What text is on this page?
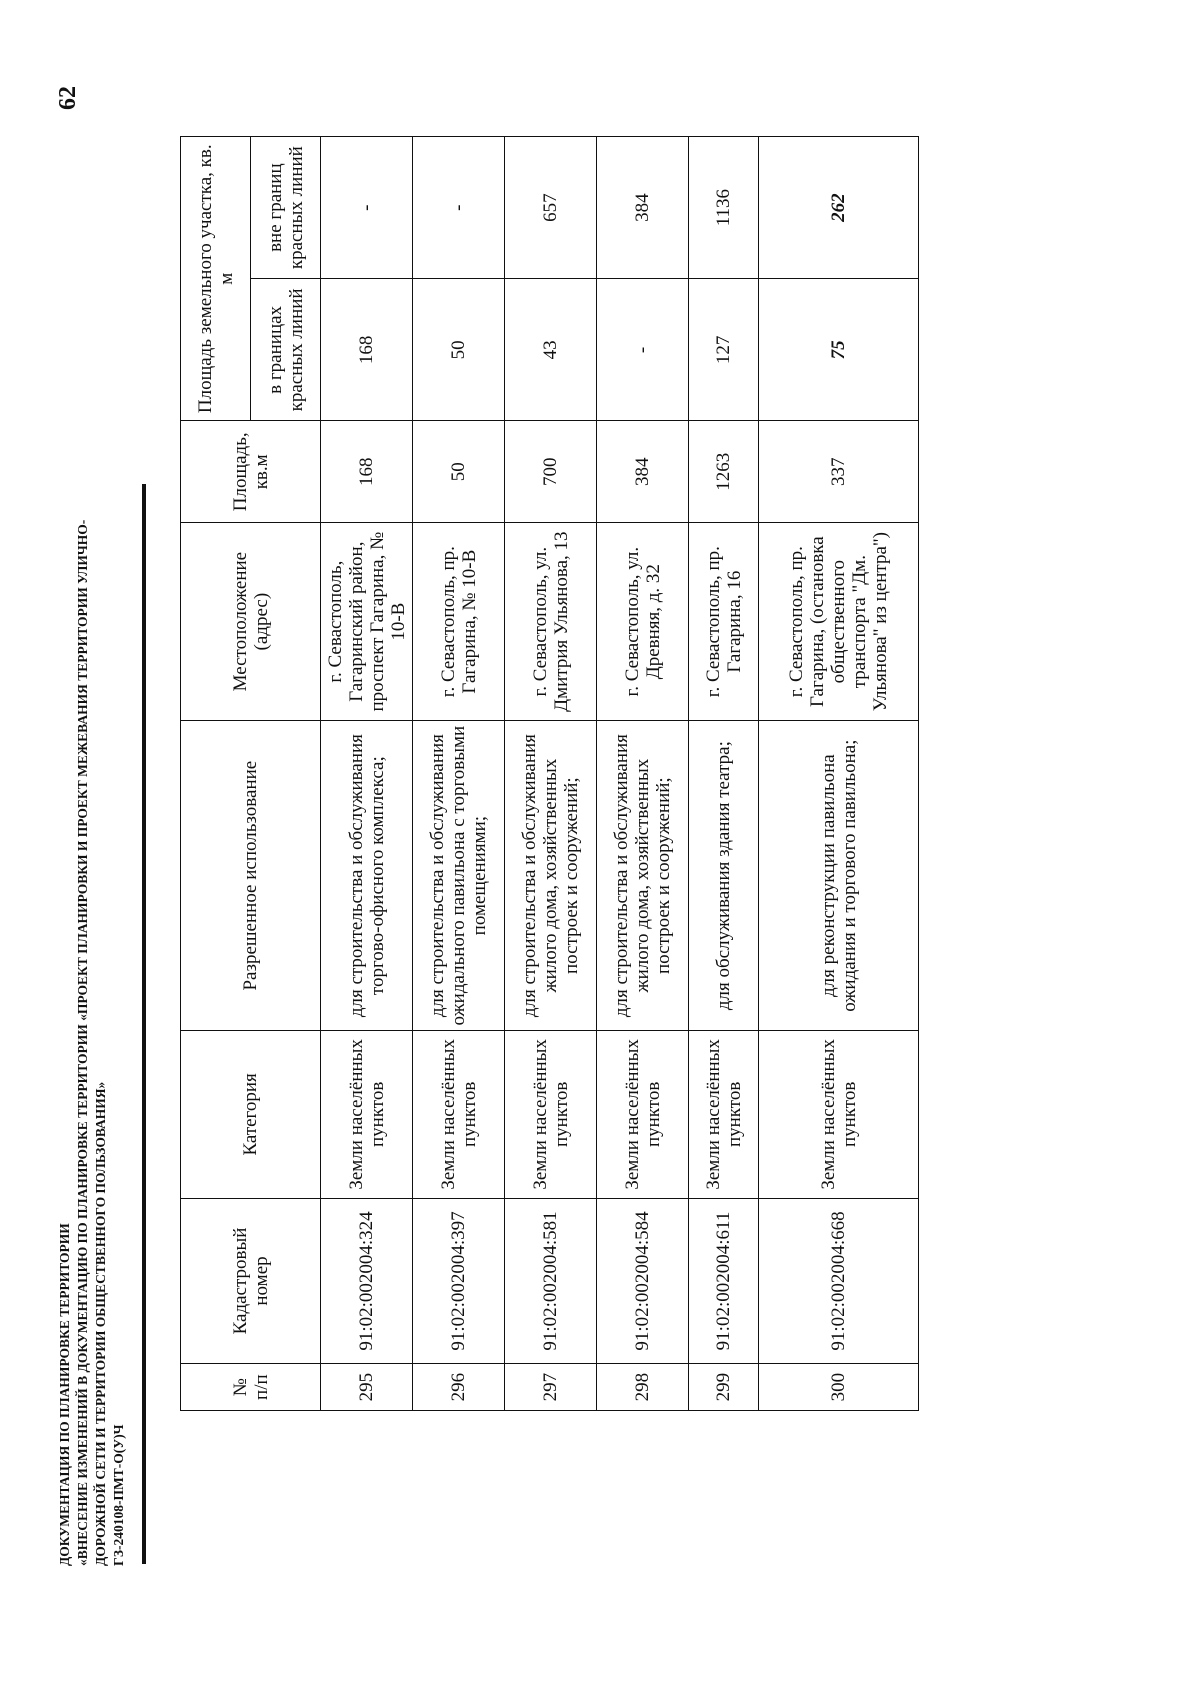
62
ДОКУМЕНТАЦИЯ ПО ПЛАНИРОВКЕ ТЕРРИТОРИИ «ВНЕСЕНИЕ ИЗМЕНЕНИЙ В ДОКУМЕНТАЦИЮ ПО ПЛАНИРОВКЕ ТЕРРИТОРИИ «ПРОЕКТ ПЛАНИРОВКИ И ПРОЕКТ МЕЖЕВАНИЯ ТЕРРИТОРИИ УЛИЧНО- ДОРОЖНОЙ СЕТИ И ТЕРРИТОРИИ ОБЩЕСТВЕННОГО ПОЛЬЗОВАНИЯ» ГЗ-240108-ПМТ-О(У)Ч
№ п/п	Кадастровый номер	Категория	Разрешенное использование	Местоположение (адрес)	Площадь, кв.м	Площадь земельного участка, кв. м	
						в границах красных линий	вне границ красных линий
295	91:02:002004:324	Земли населённых пунктов	для строительства и обслуживания торгово-офисного комплекса;	г. Севастополь, Гагаринский район, проспект Гагарина, № 10-В	168	168	-
296	91:02:002004:397	Земли населённых пунктов	для строительства и обслуживания ожидального павильона с торговыми помещениями;	г. Севастополь, пр. Гагарина, № 10-В	50	50	-
297	91:02:002004:581	Земли населённых пунктов	для строительства и обслуживания жилого дома, хозяйственных построек и сооружений;	г. Севастополь, ул. Дмитрия Ульянова, 13	700	43	657
298	91:02:002004:584	Земли населённых пунктов	для строительства и обслуживания жилого дома, хозяйственных построек и сооружений;	г. Севастополь, ул. Древняя, д. 32	384	-	384
299	91:02:002004:611	Земли населённых пунктов	для обслуживания здания театра;	г. Севастополь, пр. Гагарина, 16	1263	127	1136
300	91:02:002004:668	Земли населённых пунктов	для реконструкции павильона ожидания и торгового павильона;	г. Севастополь, пр. Гагарина, (остановка общественного транспорта "Дм. Ульянова" из центра")	337	75	262
